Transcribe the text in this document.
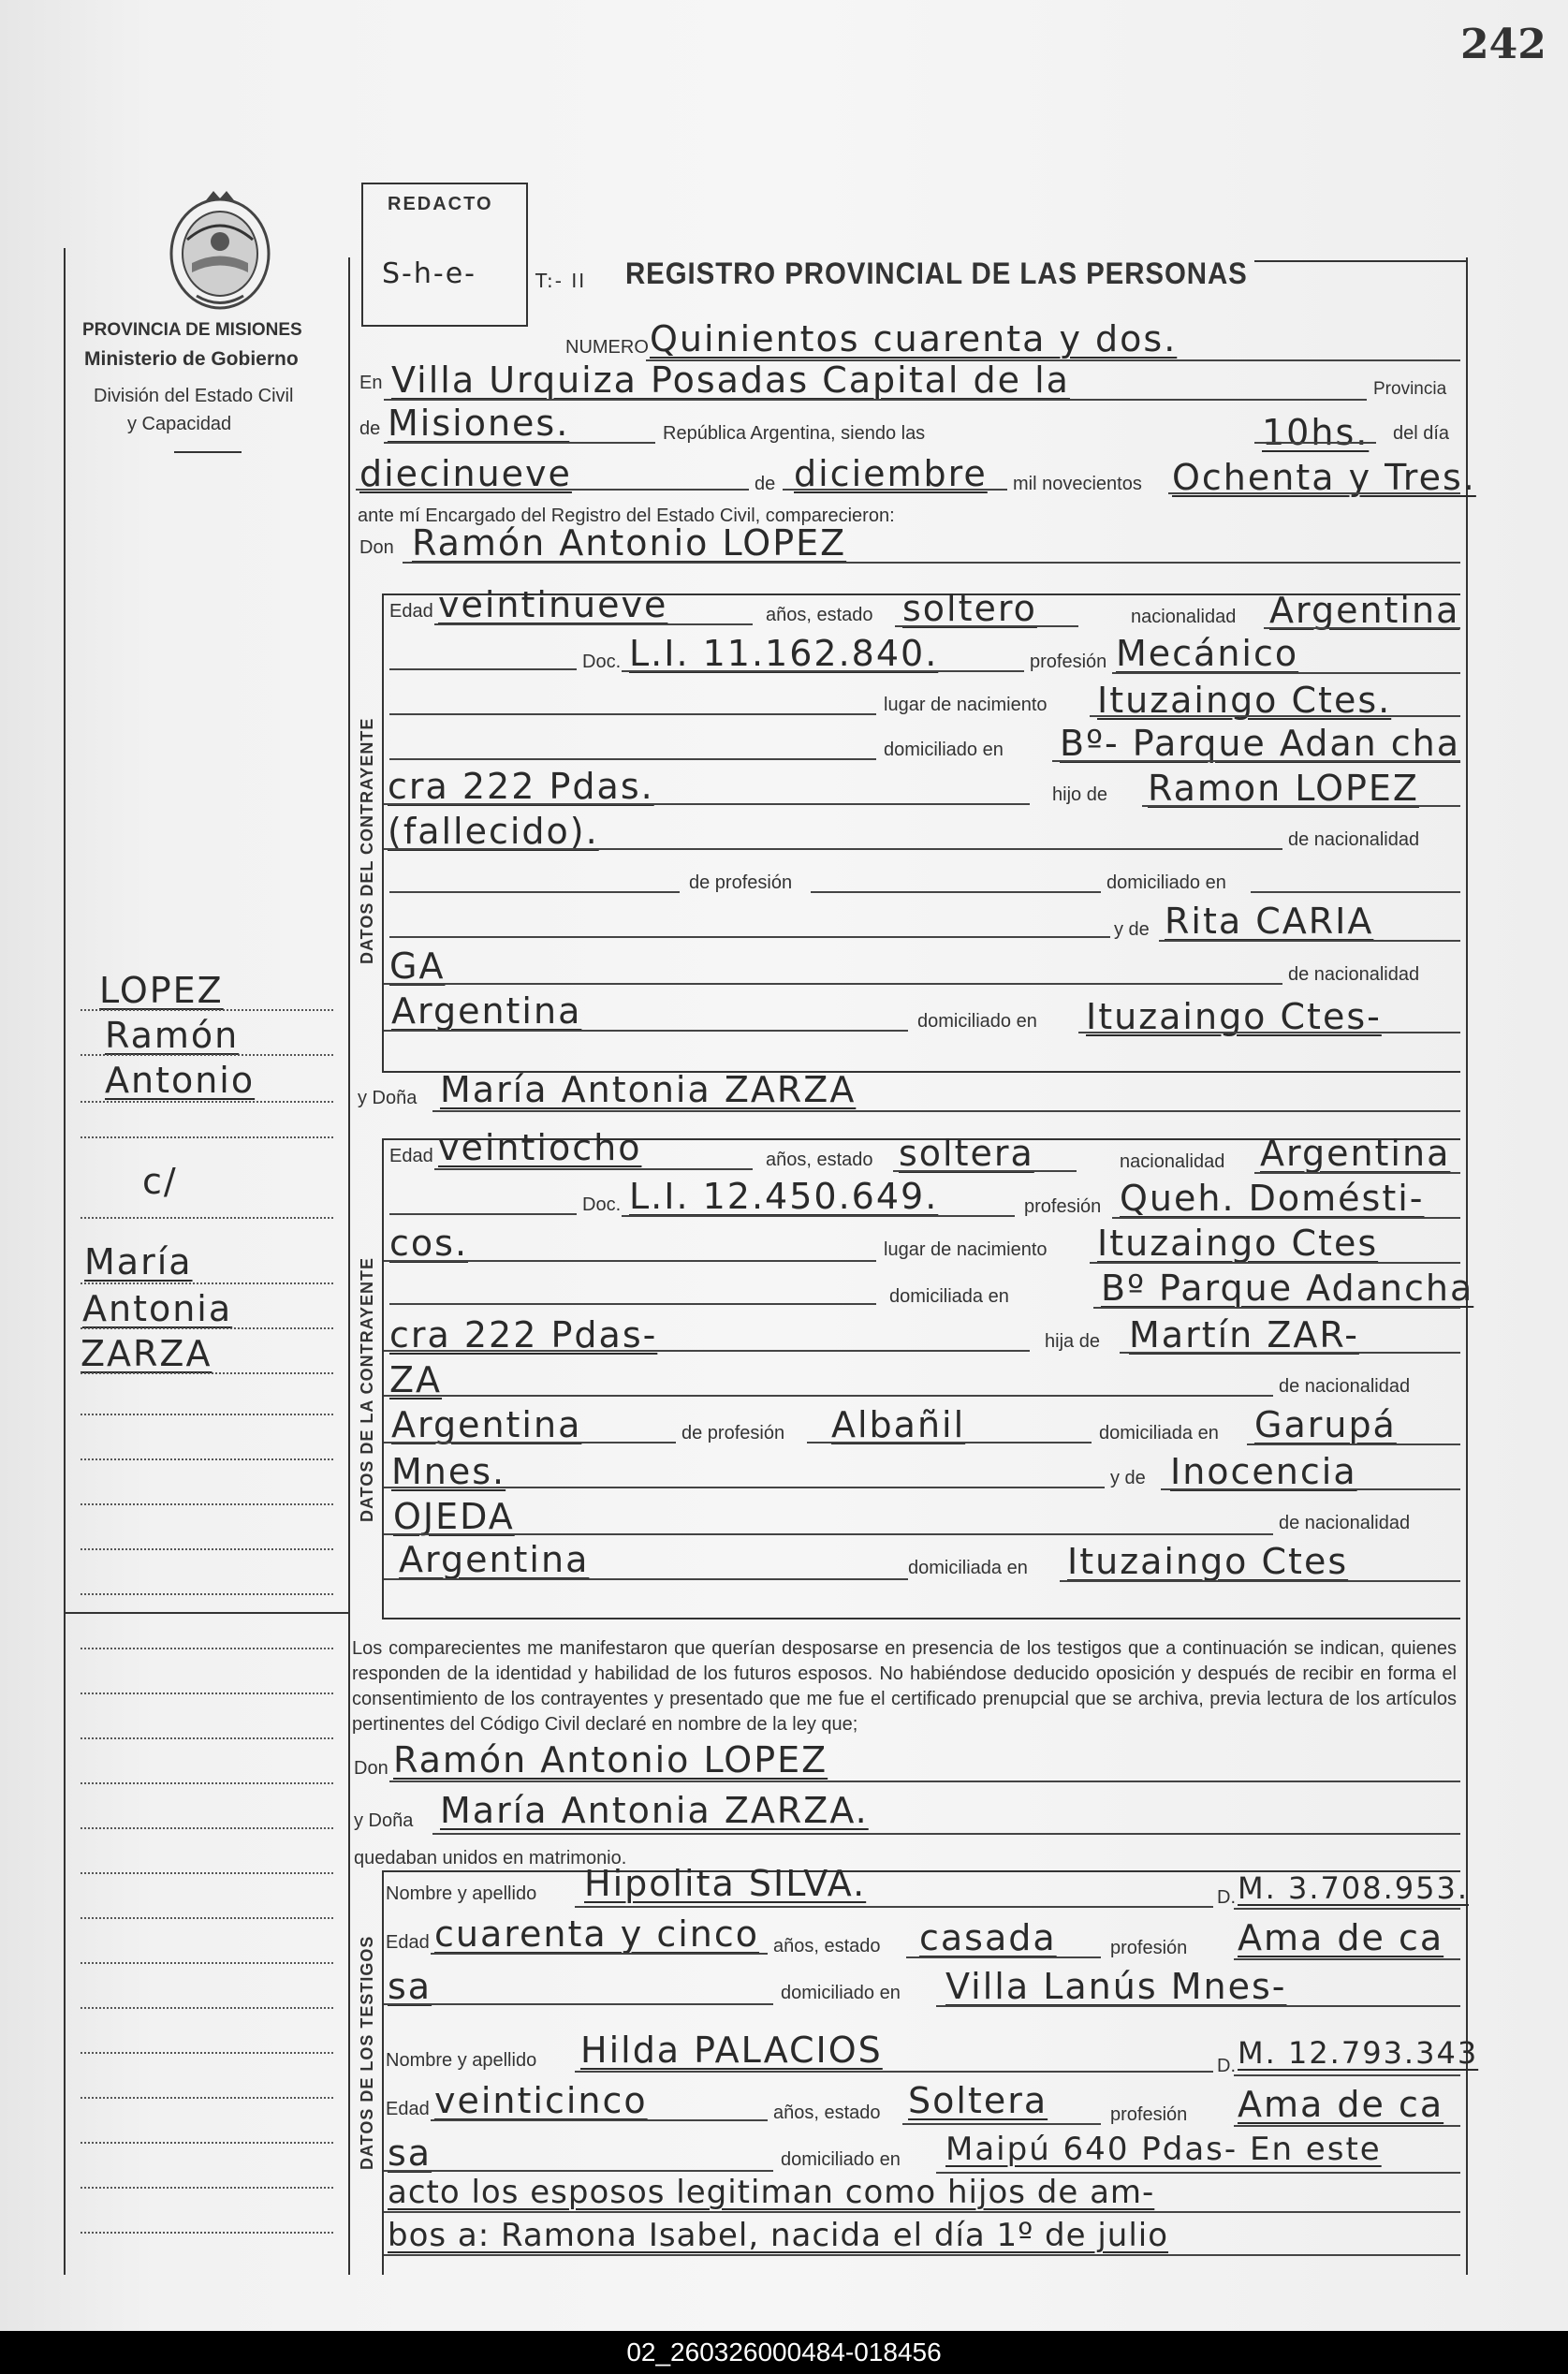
242
PROVINCIA DE MISIONES
Ministerio de Gobierno
División del Estado Civil
y Capacidad
REDACTO
S-h-e-	T:- II REGISTRO PROVINCIAL DE LAS PERSONAS
NUMERO Quinientos cuarenta y dos.
En Villa Urquiza Posadas Capital de la	Provincia
de Misiones.	República Argentina, siendo las	10hs. del día
diecinueve	de diciembre mil novecientos Ochenta y Tres.
ante mí Encargado del Registro del Estado Civil, comparecieron:
Don Ramón Antonio LOPEZ
DATOS DEL CONTRAYENTE
Edad veintinueve	años, estado soltero	nacionalidad Argentina
Doc. L.I. 11.162.840.	profesión Mecánico
lugar de nacimiento Ituzaingo Ctes.
domiciliado en Bº- Parque Adan cha
cra 222 Pdas.	hijo de Ramon LOPEZ
(fallecido).	de nacionalidad
de profesión	domiciliado en
y de Rita CARIA
GA	de nacionalidad
Argentina	domiciliado en Ituzaingo Ctes-
y Doña María Antonia ZARZA
DATOS DE LA CONTRAYENTE
Edad veintiocho	años, estado soltera	nacionalidad Argentina
Doc. L.I. 12.450.649.	profesión Queh. Domésti-
cos.	lugar de nacimiento Ituzaingo Ctes
domiciliada en	Bº Parque Adancha
cra 222 Pdas-	hija de Martín ZAR-
ZA	de nacionalidad
Argentina	de profesión Albañil	domiciliada en Garupá
Mnes.	y de Inocencia
OJEDA	de nacionalidad
Argentina	domiciliada en Ituzaingo Ctes
Los comparecientes me manifestaron que querían desposarse en presencia de los testigos que a continuación se indican, quienes responden de la identidad y habilidad de los futuros esposos. No habiéndose deducido oposición y después de recibir en forma el consentimiento de los contrayentes y presentado que me fue el certificado prenupcial que se archiva, previa lectura de los artículos pertinentes del Código Civil declaré en nombre de la ley que;
Don Ramón Antonio LOPEZ
y Doña María Antonia ZARZA.
quedaban unidos en matrimonio.
DATOS DE LOS TESTIGOS
Nombre y apellido Hipolita SILVA.	D. M. 3.708.953.
Edad cuarenta y cinco años, estado casada	profesión Ama de ca
sa	domiciliado en Villa Lanús Mnes-
Nombre y apellido Hilda PALACIOS	D. M. 12.793.343
Edad veinticinco	años, estado Soltera	profesión Ama de ca
sa	domiciliado en Maipú 640 Pdas- En este
acto los esposos legitiman como hijos de am-
bos a: Ramona Isabel, nacida el día 1º de julio
LOPEZ
Ramón
Antonio
c/
María
Antonia
ZARZA
02_260326000484-018456
